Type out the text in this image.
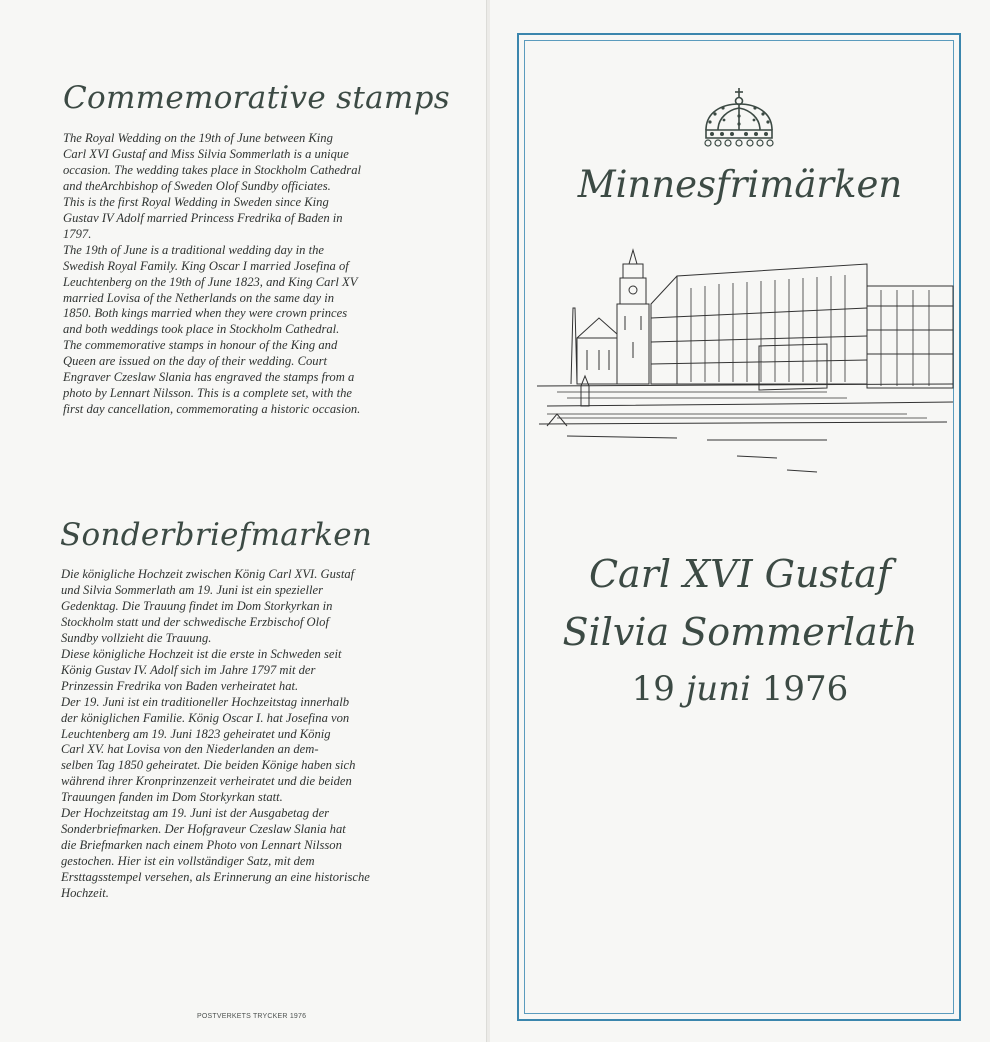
Commemorative stamps
The Royal Wedding on the 19th of June between King
Carl XVI Gustaf and Miss Silvia Sommerlath is a unique
occasion. The wedding takes place in Stockholm Cathedral
and theArchbishop of Sweden Olof Sundby officiates.
This is the first Royal Wedding in Sweden since King
Gustav IV Adolf married Princess Fredrika of Baden in
1797.
The 19th of June is a traditional wedding day in the
Swedish Royal Family. King Oscar I married Josefina of
Leuchtenberg on the 19th of June 1823, and King Carl XV
married Lovisa of the Netherlands on the same day in
1850. Both kings married when they were crown princes
and both weddings took place in Stockholm Cathedral.
The commemorative stamps in honour of the King and
Queen are issued on the day of their wedding. Court
Engraver Czeslaw Slania has engraved the stamps from a
photo by Lennart Nilsson. This is a complete set, with the
first day cancellation, commemorating a historic occasion.
Sonderbriefmarken
Die königliche Hochzeit zwischen König Carl XVI. Gustaf
und Silvia Sommerlath am 19. Juni ist ein spezieller
Gedenktag. Die Trauung findet im Dom Storkyrkan in
Stockholm statt und der schwedische Erzbischof Olof
Sundby vollzieht die Trauung.
Diese königliche Hochzeit ist die erste in Schweden seit
König Gustav IV. Adolf sich im Jahre 1797 mit der
Prinzessin Fredrika von Baden verheiratet hat.
Der 19. Juni ist ein traditioneller Hochzeitstag innerhalb
der königlichen Familie. König Oscar I. hat Josefina von
Leuchtenberg am 19. Juni 1823 geheiratet und König
Carl XV. hat Lovisa von den Niederlanden an dem-
selben Tag 1850 geheiratet. Die beiden Könige haben sich
während ihrer Kronprinzenzeit verheiratet und die beiden
Trauungen fanden im Dom Storkyrkan statt.
Der Hochzeitstag am 19. Juni ist der Ausgabetag der
Sonderbriefmarken. Der Hofgraveur Czeslaw Slania hat
die Briefmarken nach einem Photo von Lennart Nilsson
gestochen. Hier ist ein vollständiger Satz, mit dem
Ersttagsstempel versehen, als Erinnerung an eine historische
Hochzeit.
POSTVERKETS TRYCKER 1976
Minnesfrimärken
Carl XVI Gustaf
Silvia Sommerlath
19 juni 1976
